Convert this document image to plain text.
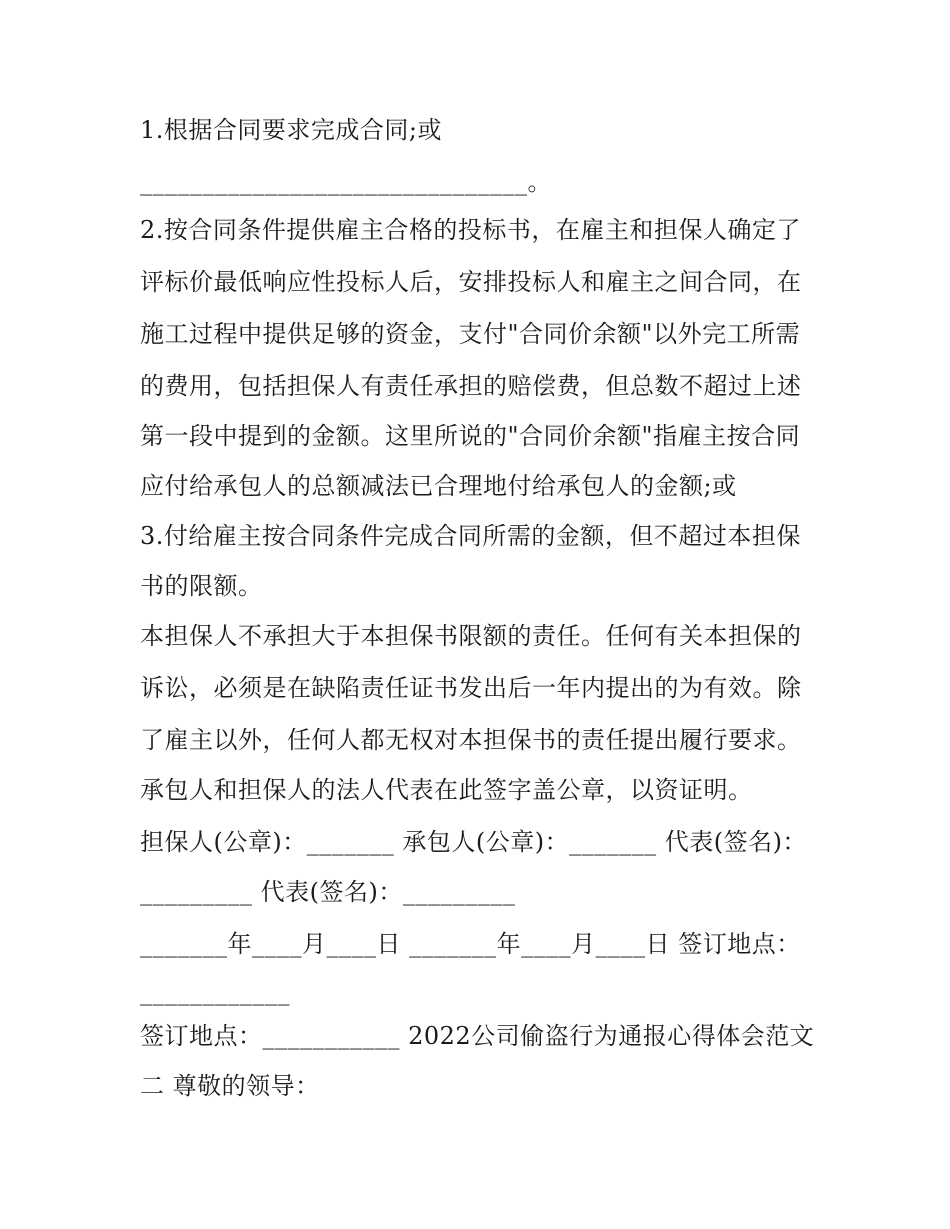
1.根据合同要求完成合同;或
_______________________________。
2.按合同条件提供雇主合格的投标书，在雇主和担保人确定了
评标价最低响应性投标人后，安排投标人和雇主之间合同，在
施工过程中提供足够的资金，支付"合同价余额"以外完工所需
的费用，包括担保人有责任承担的赔偿费，但总数不超过上述
第一段中提到的金额。这里所说的"合同价余额"指雇主按合同
应付给承包人的总额减法已合理地付给承包人的金额;或
3.付给雇主按合同条件完成合同所需的金额，但不超过本担保
书的限额。
本担保人不承担大于本担保书限额的责任。任何有关本担保的
诉讼，必须是在缺陷责任证书发出后一年内提出的为有效。除
了雇主以外，任何人都无权对本担保书的责任提出履行要求。
承包人和担保人的法人代表在此签字盖公章，以资证明。
担保人(公章)：_______ 承包人(公章)：_______ 代表(签名)：
_________ 代表(签名)：_________
_______年____月____日 _______年____月____日 签订地点：
____________
签订地点：___________ 2022公司偷盗行为通报心得体会范文
二 尊敬的领导：
